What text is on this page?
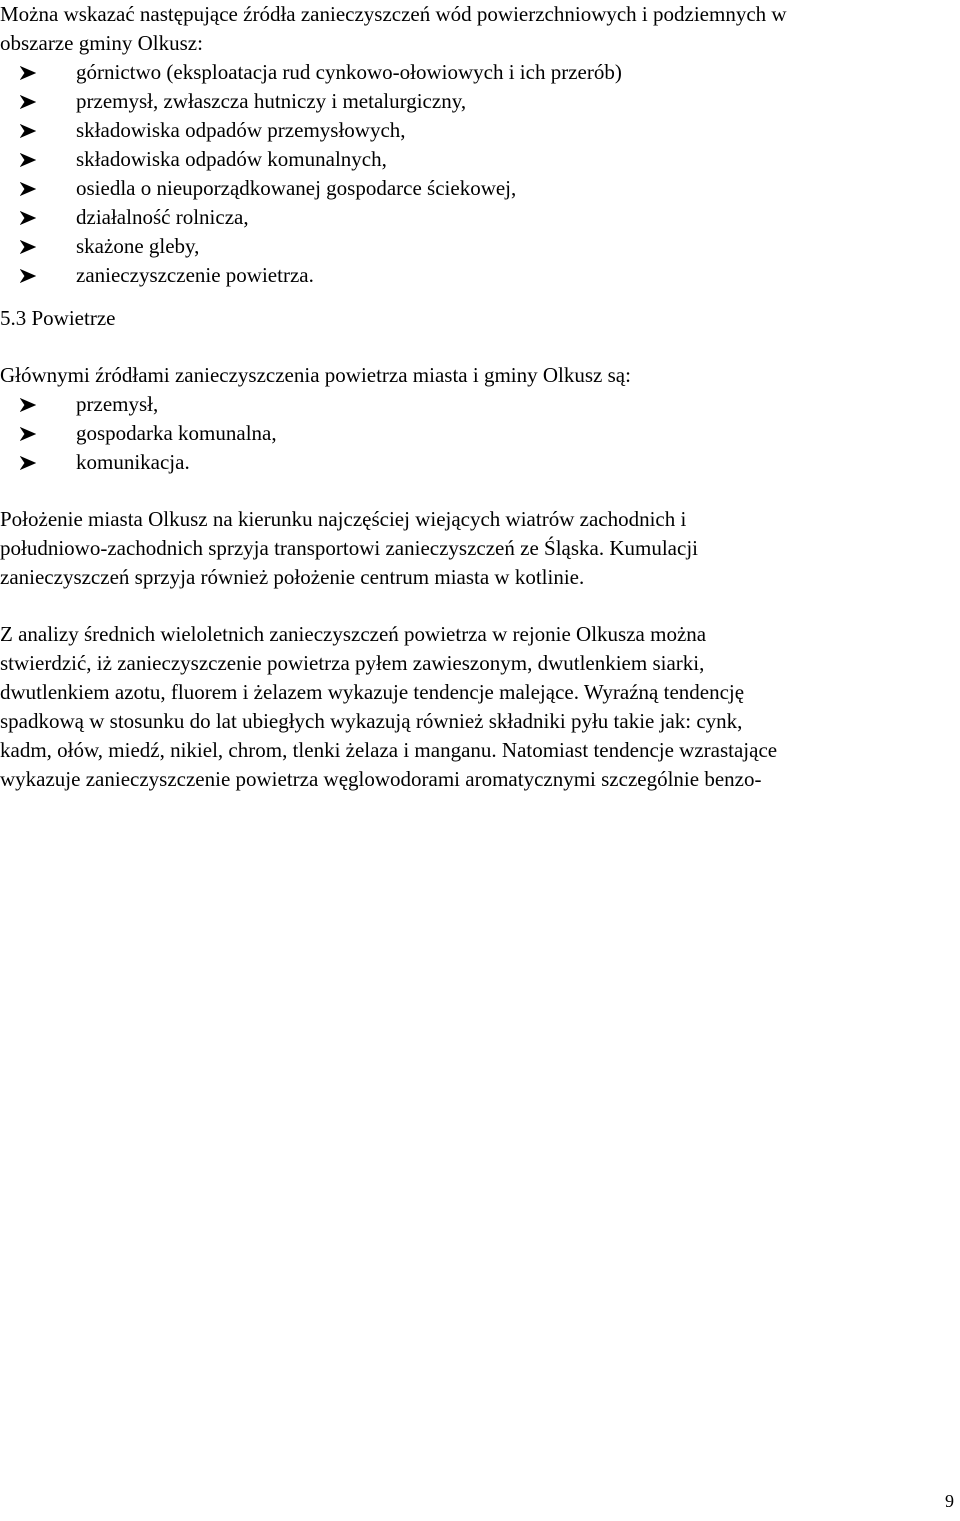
Można wskazać następujące źródła zanieczyszczeń wód powierzchniowych i podziemnych w
obszarze gminy Olkusz:

górnictwo (eksploatacja rud cynkowo-ołowiowych i ich przerób)
przemysł, zwłaszcza hutniczy i metalurgiczny,
składowiska odpadów przemysłowych,
składowiska odpadów komunalnych,
osiedla o nieuporządkowanej gospodarce ściekowej,
działalność rolnicza,
skażone gleby,
zanieczyszczenie powietrza.
5.3 Powietrze

Głównymi źródłami zanieczyszczenia powietrza miasta i gminy Olkusz są:

przemysł,
gospodarka komunalna,
komunikacja.

Położenie miasta Olkusz na kierunku najczęściej wiejących wiatrów zachodnich i
południowo-zachodnich sprzyja transportowi zanieczyszczeń ze Śląska. Kumulacji
zanieczyszczeń sprzyja również położenie centrum miasta w kotlinie.

Z analizy średnich wieloletnich zanieczyszczeń powietrza w rejonie Olkusza można
stwierdzić, iż zanieczyszczenie powietrza pyłem zawieszonym, dwutlenkiem siarki,
dwutlenkiem azotu, fluorem i żelazem wykazuje tendencje malejące. Wyraźną tendencję
spadkową w stosunku do lat ubiegłych wykazują również składniki pyłu takie jak: cynk,
kadm, ołów, miedź, nikiel, chrom, tlenki żelaza i manganu. Natomiast tendencje wzrastające
wykazuje zanieczyszczenie powietrza węglowodorami aromatycznymi szczególnie benzo-

9
